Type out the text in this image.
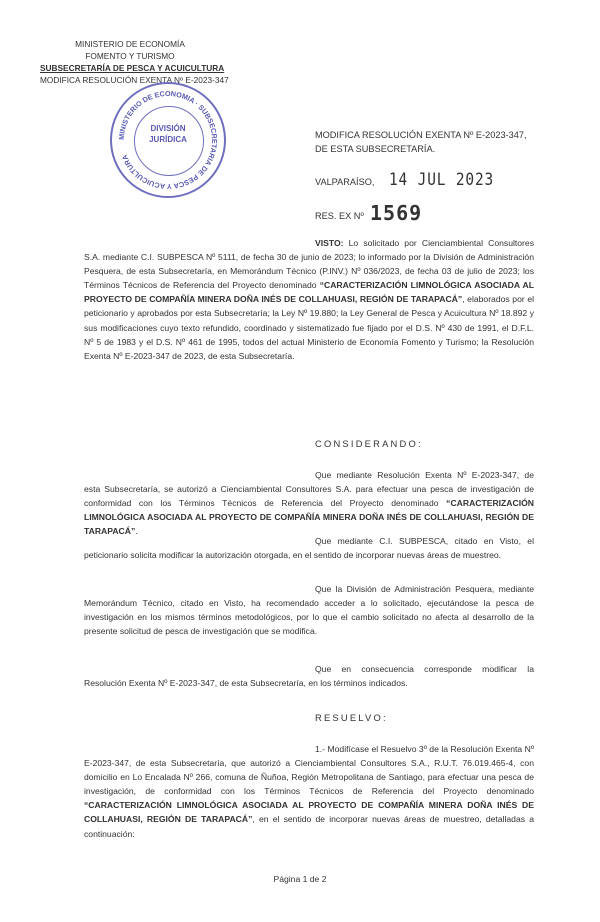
MINISTERIO DE ECONOMÍA
FOMENTO Y TURISMO
SUBSECRETARÍA DE PESCA Y ACUICULTURA
MODIFICA RESOLUCIÓN EXENTA Nº E-2023-347
MINISTERIO DE ECONOMIA · SUBSECRETARIA DE PESCA Y ACUICULTURA
DIVISIÓN
JURÍDICA	MODIFICA RESOLUCIÓN EXENTA Nº E-2023-347,
DE ESTA SUBSECRETARÍA.
VALPARAÍSO, 14 JUL 2023
RES. EX Nº 1569
VISTO: Lo solicitado por Cienciambiental Consultores S.A. mediante C.I. SUBPESCA Nº 5111, de fecha 30 de junio de 2023; lo informado por la División de Administración Pesquera, de esta Subsecretaría, en Memorándum Técnico (P.INV.) Nº 036/2023, de fecha 03 de julio de 2023; los Términos Técnicos de Referencia del Proyecto denominado “CARACTERIZACIÓN LIMNOLÓGICA ASOCIADA AL PROYECTO DE COMPAÑÍA MINERA DOÑA INÉS DE COLLAHUASI, REGIÓN DE TARAPACÁ”, elaborados por el peticionario y aprobados por esta Subsecretaría; la Ley Nº 19.880; la Ley General de Pesca y Acuicultura Nº 18.892 y sus modificaciones cuyo texto refundido, coordinado y sistematizado fue fijado por el D.S. Nº 430 de 1991, el D.F.L. Nº 5 de 1983 y el D.S. Nº 461 de 1995, todos del actual Ministerio de Economía Fomento y Turismo; la Resolución Exenta Nº E-2023-347 de 2023, de esta Subsecretaría.
CONSIDERANDO:
Que mediante Resolución Exenta Nº E-2023-347, de esta Subsecretaría, se autorizó a Cienciambiental Consultores S.A. para efectuar una pesca de investigación de conformidad con los Términos Técnicos de Referencia del Proyecto denominado “CARACTERIZACIÓN LIMNOLÓGICA ASOCIADA AL PROYECTO DE COMPAÑÍA MINERA DOÑA INÉS DE COLLAHUASI, REGIÓN DE TARAPACÁ”.
Que mediante C.I. SUBPESCA, citado en Visto, el peticionario solicita modificar la autorización otorgada, en el sentido de incorporar nuevas áreas de muestreo.
Que la División de Administración Pesquera, mediante Memorándum Técnico, citado en Visto, ha recomendado acceder a lo solicitado, ejecutándose la pesca de investigación en los mismos términos metodológicos, por lo que el cambio solicitado no afecta al desarrollo de la presente solicitud de pesca de investigación que se modifica.
Que en consecuencia corresponde modificar la Resolución Exenta Nº E-2023-347, de esta Subsecretaría, en los términos indicados.
RESUELVO:
1.- Modifícase el Resuelvo 3º de la Resolución Exenta Nº E-2023-347, de esta Subsecretaría, que autorizó a Cienciambiental Consultores S.A., R.U.T. 76.019.465-4, con domicilio en Lo Encalada Nº 266, comuna de Ñuñoa, Región Metropolitana de Santiago, para efectuar una pesca de investigación, de conformidad con los Términos Técnicos de Referencia del Proyecto denominado “CARACTERIZACIÓN LIMNOLÓGICA ASOCIADA AL PROYECTO DE COMPAÑÍA MINERA DOÑA INÉS DE COLLAHUASI, REGIÓN DE TARAPACÁ”, en el sentido de incorporar nuevas áreas de muestreo, detalladas a continuación:
Página 1 de 2
